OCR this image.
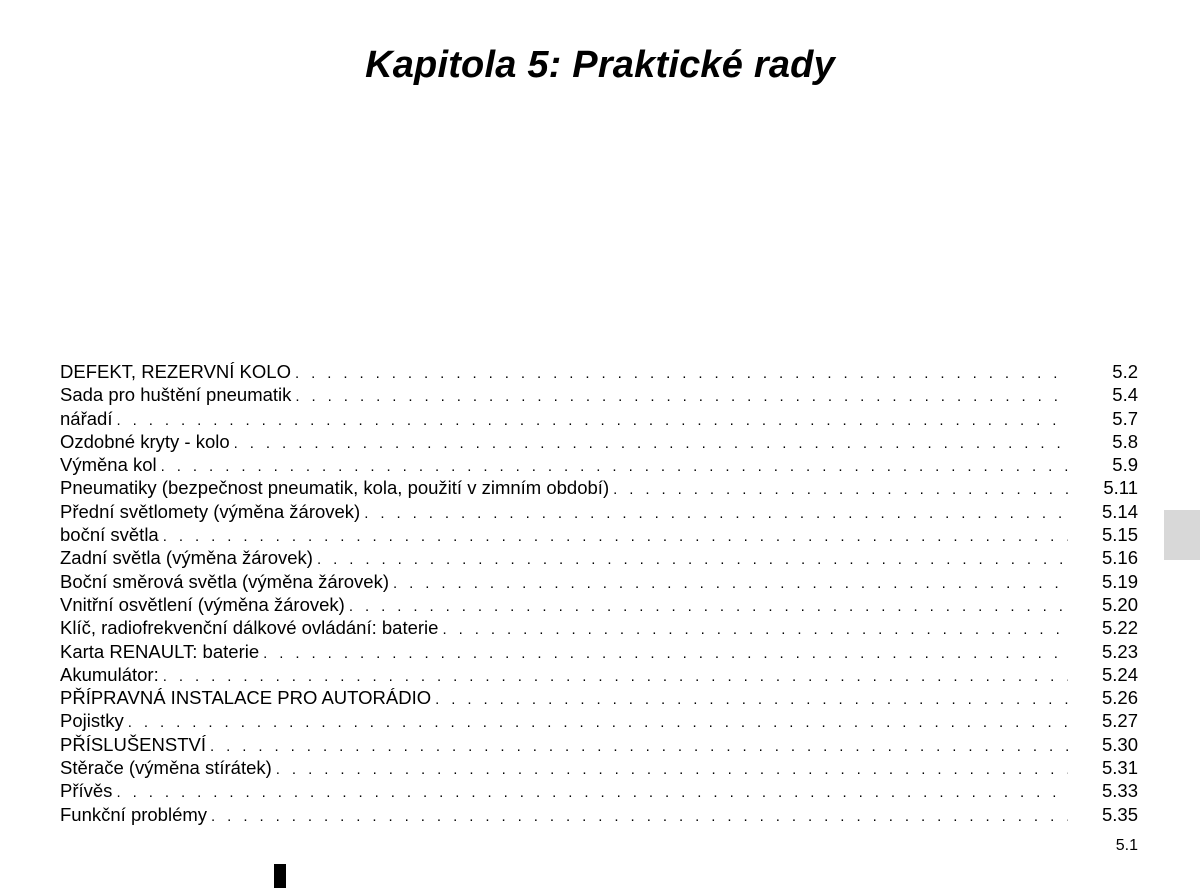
Kapitola 5: Praktické rady
DEFEKT, REZERVNÍ KOLO . . .	5.2
Sada pro huštění pneumatik . . .	5.4
nářadí . . .	5.7
Ozdobné kryty - kolo . . .	5.8
Výměna kol . . .	5.9
Pneumatiky (bezpečnost pneumatik, kola, použití v zimním období) . . .	5.11
Přední světlomety (výměna žárovek) . . .	5.14
boční světla . . .	5.15
Zadní světla (výměna žárovek) . . .	5.16
Boční směrová světla (výměna žárovek) . . .	5.19
Vnitřní osvětlení (výměna žárovek) . . .	5.20
Klíč, radiofrekvenční dálkové ovládání: baterie . . .	5.22
Karta RENAULT: baterie . . .	5.23
Akumulátor: . . .	5.24
PŘÍPRAVNÁ INSTALACE PRO AUTORÁDIO . . .	5.26
Pojistky . . .	5.27
PŘÍSLUŠENSTVÍ . . .	5.30
Stěrače (výměna stírátek) . . .	5.31
Přívěs . . .	5.33
Funkční problémy . . .	5.35
5.1
